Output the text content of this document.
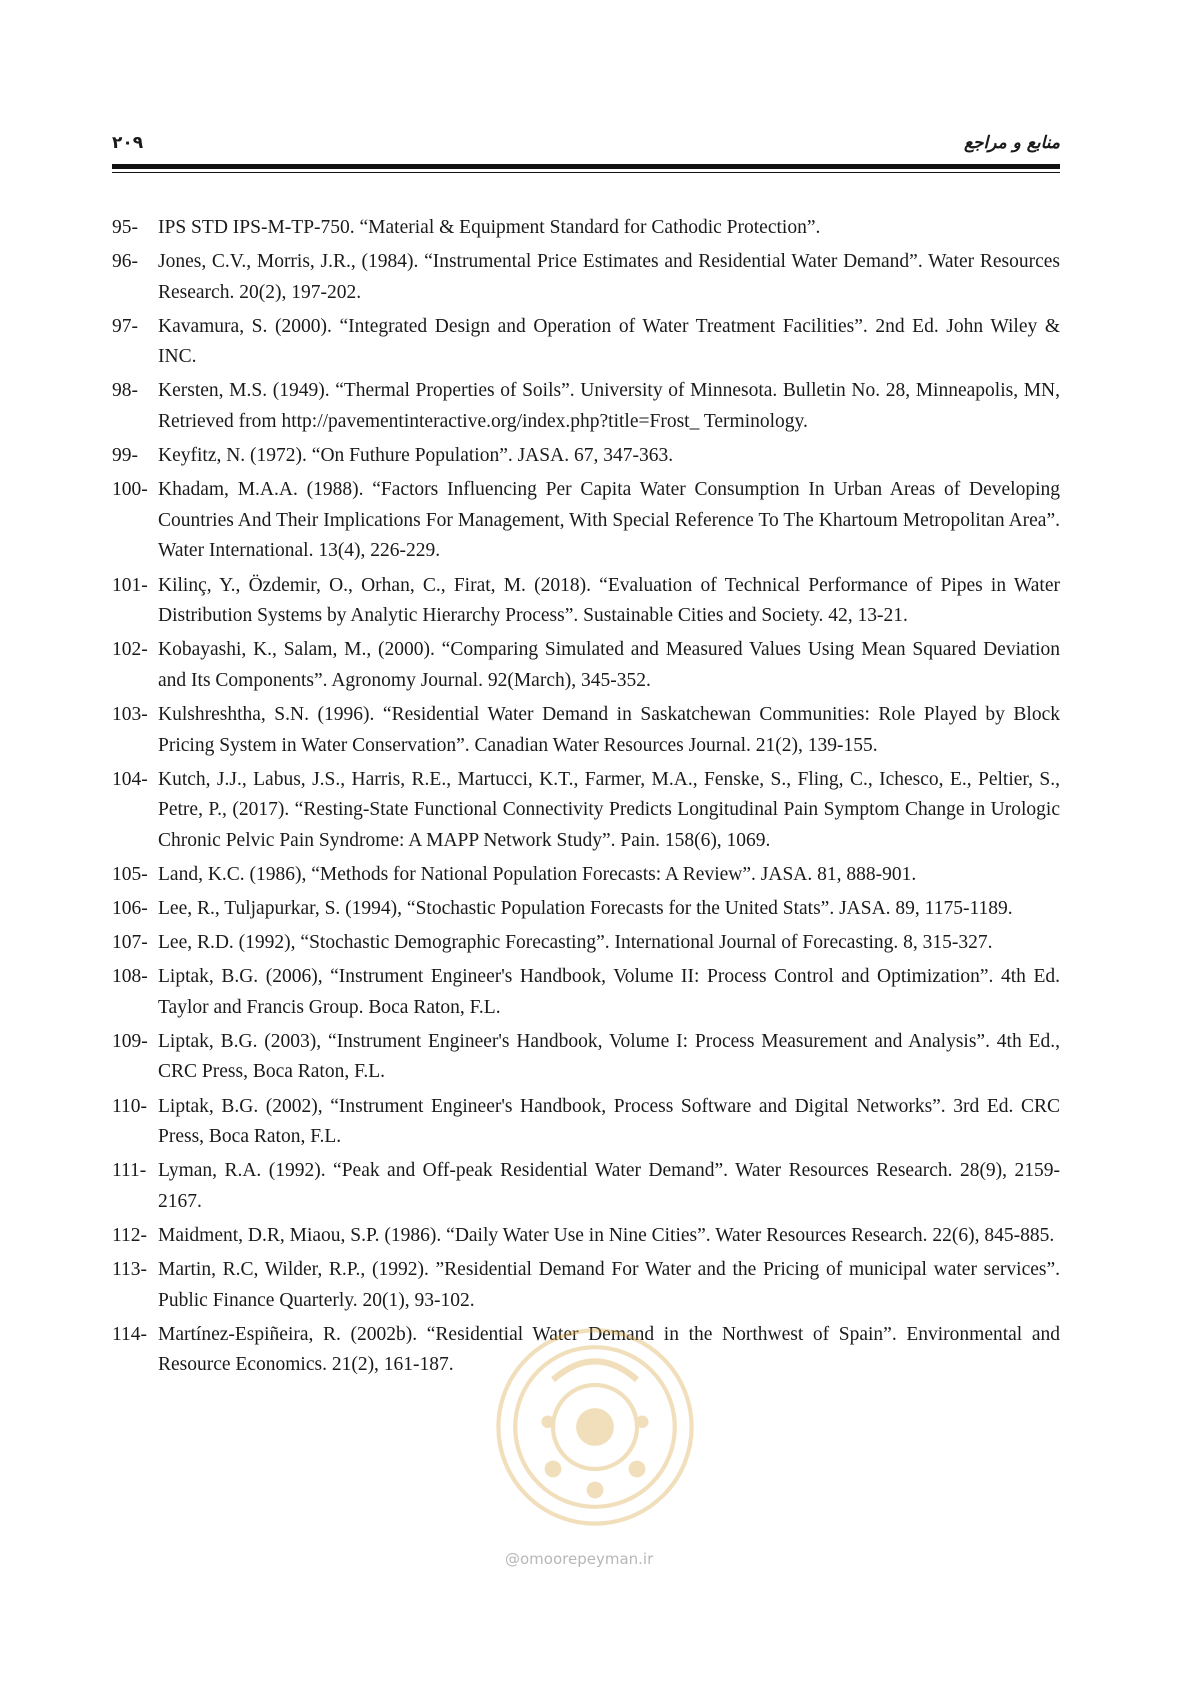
۲۰۹	منابع و مراجع
95- IPS STD IPS-M-TP-750. “Material & Equipment Standard for Cathodic Protection”.
96- Jones, C.V., Morris, J.R., (1984). “Instrumental Price Estimates and Residential Water Demand”. Water Resources Research. 20(2), 197-202.
97- Kavamura, S. (2000). “Integrated Design and Operation of Water Treatment Facilities”. 2nd Ed. John Wiley & INC.
98- Kersten, M.S. (1949). “Thermal Properties of Soils”. University of Minnesota. Bulletin No. 28, Minneapolis, MN, Retrieved from http://pavementinteractive.org/index.php?title=Frost_ Terminology.
99- Keyfitz, N. (1972). “On Futhure Population”. JASA. 67, 347-363.
100- Khadam, M.A.A. (1988). “Factors Influencing Per Capita Water Consumption In Urban Areas of Developing Countries And Their Implications For Management, With Special Reference To The Khartoum Metropolitan Area”. Water International. 13(4), 226-229.
101- Kilinç, Y., Özdemir, O., Orhan, C., Firat, M. (2018). “Evaluation of Technical Performance of Pipes in Water Distribution Systems by Analytic Hierarchy Process”. Sustainable Cities and Society. 42, 13-21.
102- Kobayashi, K., Salam, M., (2000). “Comparing Simulated and Measured Values Using Mean Squared Deviation and Its Components”. Agronomy Journal. 92(March), 345-352.
103- Kulshreshtha, S.N. (1996). “Residential Water Demand in Saskatchewan Communities: Role Played by Block Pricing System in Water Conservation”. Canadian Water Resources Journal. 21(2), 139-155.
104- Kutch, J.J., Labus, J.S., Harris, R.E., Martucci, K.T., Farmer, M.A., Fenske, S., Fling, C., Ichesco, E., Peltier, S., Petre, P., (2017). “Resting-State Functional Connectivity Predicts Longitudinal Pain Symptom Change in Urologic Chronic Pelvic Pain Syndrome: A MAPP Network Study”. Pain. 158(6), 1069.
105- Land, K.C. (1986), “Methods for National Population Forecasts: A Review”. JASA. 81, 888-901.
106- Lee, R., Tuljapurkar, S. (1994), “Stochastic Population Forecasts for the United Stats”. JASA. 89, 1175-1189.
107- Lee, R.D. (1992), “Stochastic Demographic Forecasting”. International Journal of Forecasting. 8, 315-327.
108- Liptak, B.G. (2006), “Instrument Engineer's Handbook, Volume II: Process Control and Optimization”. 4th Ed. Taylor and Francis Group. Boca Raton, F.L.
109- Liptak, B.G. (2003), “Instrument Engineer's Handbook, Volume I: Process Measurement and Analysis”. 4th Ed., CRC Press, Boca Raton, F.L.
110- Liptak, B.G. (2002), “Instrument Engineer's Handbook, Process Software and Digital Networks”. 3rd Ed. CRC Press, Boca Raton, F.L.
111- Lyman, R.A. (1992). “Peak and Off-peak Residential Water Demand”. Water Resources Research. 28(9), 2159-2167.
112- Maidment, D.R, Miaou, S.P. (1986). “Daily Water Use in Nine Cities”. Water Resources Research. 22(6), 845-885.
113- Martin, R.C, Wilder, R.P., (1992). ”Residential Demand For Water and the Pricing of municipal water services”. Public Finance Quarterly. 20(1), 93-102.
114- Martínez-Espiñeira, R. (2002b). “Residential Water Demand in the Northwest of Spain”. Environmental and Resource Economics. 21(2), 161-187.
@omoorepeyman.ir
